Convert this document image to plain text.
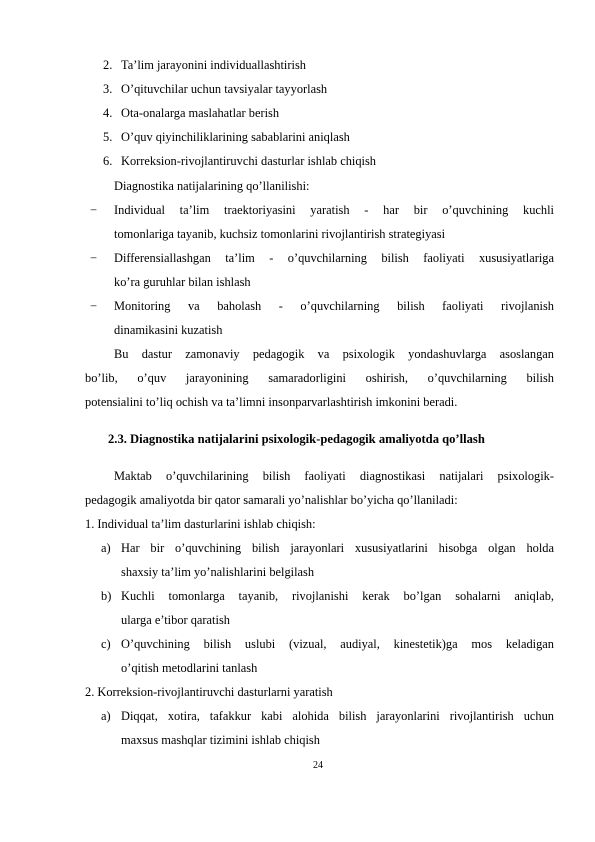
2. Ta’lim jarayonini individuallashtirish
3. O’qituvchilar uchun tavsiyalar tayyorlash
4. Ota-onalarga maslahatlar berish
5. O’quv qiyinchiliklarining sabablarini aniqlash
6. Korreksion-rivojlantiruvchi dasturlar ishlab chiqish
Diagnostika natijalarining qo’llanilishi:
− Individual ta’lim traektoriyasini yaratish - har bir o’quvchining kuchli
tomonlariga tayanib, kuchsiz tomonlarini rivojlantirish strategiyasi
− Differensiallashgan ta’lim - o’quvchilarning bilish faoliyati xususiyatlariga
ko’ra guruhlar bilan ishlash
− Monitoring va baholash - o’quvchilarning bilish faoliyati rivojlanish
dinamikasini kuzatish
Bu dastur zamonaviy pedagogik va psixologik yondashuvlarga asoslangan
bo’lib, o’quv jarayonining samaradorligini oshirish, o’quvchilarning bilish
potensialini to’liq ochish va ta’limni insonparvarlashtirish imkonini beradi.
2.3. Diagnostika natijalarini psixologik-pedagogik amaliyotda qo’llash
Maktab o’quvchilarining bilish faoliyati diagnostikasi natijalari psixologik-
pedagogik amaliyotda bir qator samarali yo’nalishlar bo’yicha qo’llaniladi:
1. Individual ta’lim dasturlarini ishlab chiqish:
a) Har bir o’quvchining bilish jarayonlari xususiyatlarini hisobga olgan holda
shaxsiy ta’lim yo’nalishlarini belgilash
b) Kuchli tomonlarga tayanib, rivojlanishi kerak bo’lgan sohalarni aniqlab,
ularga e’tibor qaratish
c) O’quvchining bilish uslubi (vizual, audiyal, kinestetik)ga mos keladigan
o’qitish metodlarini tanlash
2. Korreksion-rivojlantiruvchi dasturlarni yaratish
a) Diqqat, xotira, tafakkur kabi alohida bilish jarayonlarini rivojlantirish uchun
maxsus mashqlar tizimini ishlab chiqish
24
